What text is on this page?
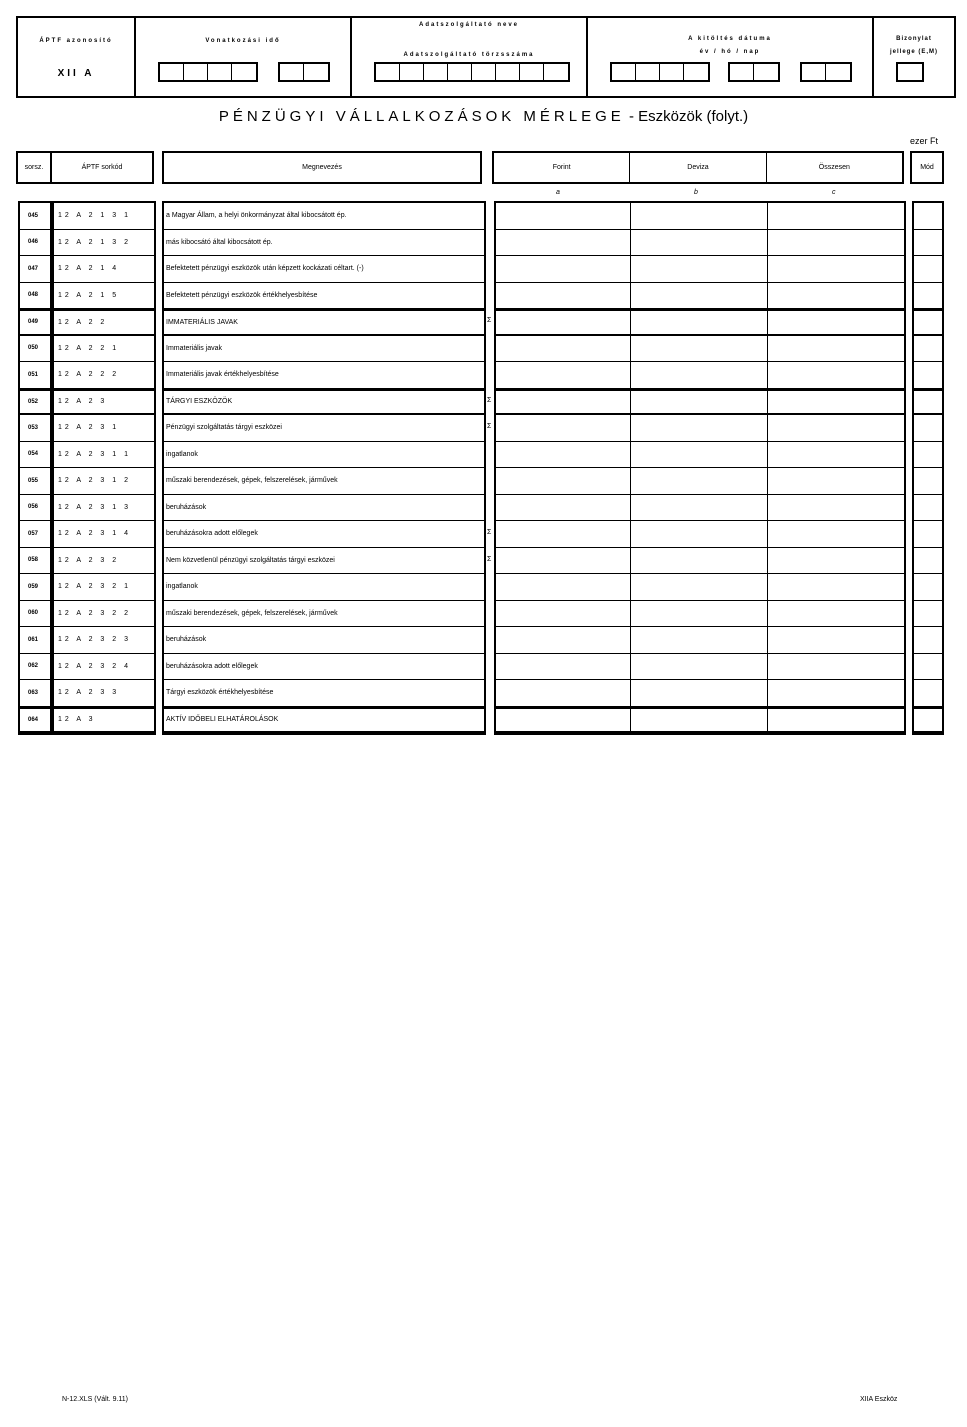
ÁPTF azonosító
XII A
Vonatkozási idő
Adatszolgáltató neve
Adatszolgáltató törzsszáma
A kitöltés dátuma
év / hó / nap
Bizonylat
jellege (E,M)
PÉNZÜGYI VÁLLALKOZÁSOK MÉRLEGE - Eszközök (folyt.)
ezer Ft
sorsz.	ÁPTF sorkód	Megnevezés	Forint	Deviza	Összesen	Mód
a	b	c
045	12 A 2 1 3 1	a Magyar Állam, a helyi önkormányzat által kibocsátott ép.
046	12 A 2 1 3 2	más kibocsátó által kibocsátott ép.
047	12 A 2 1 4	Befektetett pénzügyi eszközök után képzett kockázati céltart. (-)
048	12 A 2 1 5	Befektetett pénzügyi eszközök értékhelyesbítése
049	12 A 2 2	IMMATERIÁLIS JAVAK	Σ
050	12 A 2 2 1	Immateriális javak
051	12 A 2 2 2	Immateriális javak értékhelyesbítése
052	12 A 2 3	TÁRGYI ESZKÖZÖK	Σ
053	12 A 2 3 1	Pénzügyi szolgáltatás tárgyi eszközei	Σ
054	12 A 2 3 1 1	ingatlanok
055	12 A 2 3 1 2	műszaki berendezések, gépek, felszerelések, járművek
056	12 A 2 3 1 3	beruházások
057	12 A 2 3 1 4	beruházásokra adott előlegek	Σ
058	12 A 2 3 2	Nem közvetlenül pénzügyi szolgáltatás tárgyi eszközei	Σ
059	12 A 2 3 2 1	ingatlanok
060	12 A 2 3 2 2	műszaki berendezések, gépek, felszerelések, járművek
061	12 A 2 3 2 3	beruházások
062	12 A 2 3 2 4	beruházásokra adott előlegek
063	12 A 2 3 3	Tárgyi eszközök értékhelyesbítése
064	12 A 3	AKTÍV IDŐBELI ELHATÁROLÁSOK
N-12.XLS (Vált. 9.11)	XIIA Eszköz
